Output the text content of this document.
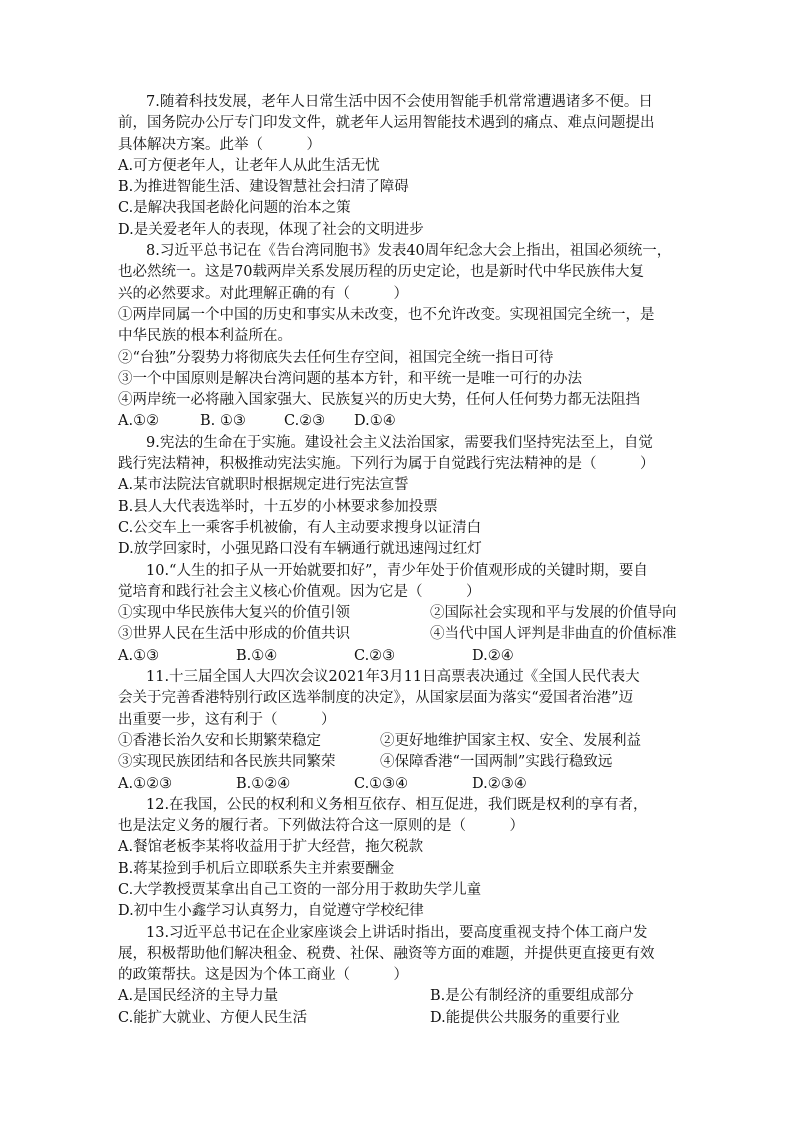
7.随着科技发展，老年人日常生活中因不会使用智能手机常常遭遇诸多不便。日
前，国务院办公厅专门印发文件，就老年人运用智能技术遇到的痛点、难点问题提出
具体解决方案。此举（　　　）
A.可方便老年人，让老年人从此生活无忧
B.为推进智能生活、建设智慧社会扫清了障碍
C.是解决我国老龄化问题的治本之策
D.是关爱老年人的表现，体现了社会的文明进步
8.习近平总书记在《告台湾同胞书》发表40周年纪念大会上指出，祖国必须统一，
也必然统一。这是70载两岸关系发展历程的历史定论，也是新时代中华民族伟大复
兴的必然要求。对此理解正确的有（　　　）
①两岸同属一个中国的历史和事实从未改变，也不允许改变。实现祖国完全统一，是
中华民族的根本利益所在。
②“台独”分裂势力将彻底失去任何生存空间，祖国完全统一指日可待
③一个中国原则是解决台湾问题的基本方针，和平统一是唯一可行的办法
④两岸统一必将融入国家强大、民族复兴的历史大势，任何人任何势力都无法阻挡
A.①②	B. ①③	C.②③ D.①④
9.宪法的生命在于实施。建设社会主义法治国家，需要我们坚持宪法至上，自觉
践行宪法精神，积极推动宪法实施。下列行为属于自觉践行宪法精神的是（　　　）
A.某市法院法官就职时根据规定进行宪法宣誓
B.县人大代表选举时，十五岁的小林要求参加投票
C.公交车上一乘客手机被偷，有人主动要求搜身以证清白
D.放学回家时，小强见路口没有车辆通行就迅速闯过红灯
10.“人生的扣子从一开始就要扣好”，青少年处于价值观形成的关键时期，要自
觉培育和践行社会主义核心价值观。因为它是（　　　）
①实现中华民族伟大复兴的价值引领	②国际社会实现和平与发展的价值导向
③世界人民在生活中形成的价值共识	④当代中国人评判是非曲直的价值标准
A.①③	B.①④	C.②③	D.②④
11.十三届全国人大四次会议2021年3月11日高票表决通过《全国人民代表大
会关于完善香港特别行政区选举制度的决定》，从国家层面为落实“爱国者治港”迈
出重要一步，这有利于（　　　）
①香港长治久安和长期繁荣稳定	②更好地维护国家主权、安全、发展利益
③实现民族团结和各民族共同繁荣	④保障香港“一国两制”实践行稳致远
A.①②③	B.①②④	C.①③④	D.②③④
12.在我国，公民的权利和义务相互依存、相互促进，我们既是权利的享有者，
也是法定义务的履行者。下列做法符合这一原则的是（　　　）
A.餐馆老板李某将收益用于扩大经营，拖欠税款
B.蒋某捡到手机后立即联系失主并索要酬金
C.大学教授贾某拿出自己工资的一部分用于救助失学儿童
D.初中生小鑫学习认真努力，自觉遵守学校纪律
13.习近平总书记在企业家座谈会上讲话时指出，要高度重视支持个体工商户发
展，积极帮助他们解决租金、税费、社保、融资等方面的难题，并提供更直接更有效
的政策帮扶。这是因为个体工商业（　　　）
A.是国民经济的主导力量	B.是公有制经济的重要组成部分
C.能扩大就业、方便人民生活	D.能提供公共服务的重要行业
